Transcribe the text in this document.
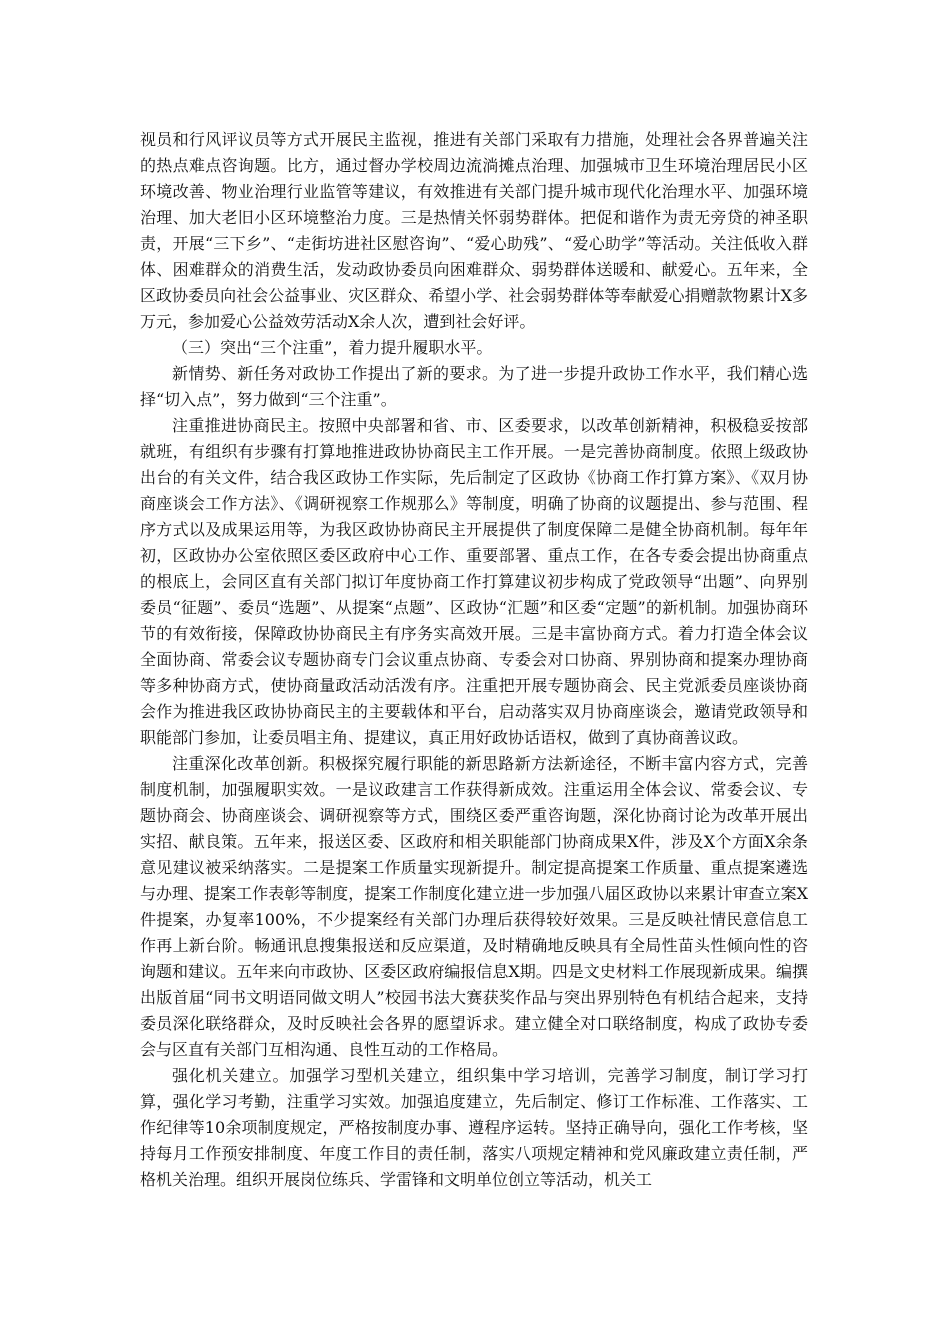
视员和行风评议员等方式开展民主监视，推进有关部门采取有力措施，处理社会各界普遍关注的热点难点咨询题。比方，通过督办学校周边流淌摊点治理、加强城市卫生环境治理居民小区环境改善、物业治理行业监管等建议，有效推进有关部门提升城市现代化治理水平、加强环境治理、加大老旧小区环境整治力度。三是热情关怀弱势群体。把促和谐作为责无旁贷的神圣职责，开展“三下乡”、“走街坊进社区慰咨询”、“爱心助残”、“爱心助学”等活动。关注低收入群体、困难群众的消费生活，发动政协委员向困难群众、弱势群体送暖和、献爱心。五年来，全区政协委员向社会公益事业、灾区群众、希望小学、社会弱势群体等奉献爱心捐赠款物累计X多万元，参加爱心公益效劳活动X余人次，遭到社会好评。

（三）突出“三个注重”，着力提升履职水平。

新情势、新任务对政协工作提出了新的要求。为了进一步提升政协工作水平，我们精心选择“切入点”，努力做到“三个注重”。

注重推进协商民主。按照中央部署和省、市、区委要求，以改革创新精神，积极稳妥按部就班，有组织有步骤有打算地推进政协协商民主工作开展。一是完善协商制度。依照上级政协出台的有关文件，结合我区政协工作实际，先后制定了区政协《协商工作打算方案》、《双月协商座谈会工作方法》、《调研视察工作规那么》等制度，明确了协商的议题提出、参与范围、程序方式以及成果运用等，为我区政协协商民主开展提供了制度保障二是健全协商机制。每年年初，区政协办公室依照区委区政府中心工作、重要部署、重点工作，在各专委会提出协商重点的根底上，会同区直有关部门拟订年度协商工作打算建议初步构成了党政领导“出题”、向界别委员“征题”、委员“选题”、从提案“点题”、区政协“汇题”和区委“定题”的新机制。加强协商环节的有效衔接，保障政协协商民主有序务实高效开展。三是丰富协商方式。着力打造全体会议全面协商、常委会议专题协商专门会议重点协商、专委会对口协商、界别协商和提案办理协商等多种协商方式，使协商量政活动活泼有序。注重把开展专题协商会、民主党派委员座谈协商会作为推进我区政协协商民主的主要载体和平台，启动落实双月协商座谈会，邀请党政领导和职能部门参加，让委员唱主角、提建议，真正用好政协话语权，做到了真协商善议政。

注重深化改革创新。积极探究履行职能的新思路新方法新途径，不断丰富内容方式，完善制度机制，加强履职实效。一是议政建言工作获得新成效。注重运用全体会议、常委会议、专题协商会、协商座谈会、调研视察等方式，围绕区委严重咨询题，深化协商讨论为改革开展出实招、献良策。五年来，报送区委、区政府和相关职能部门协商成果X件，涉及X个方面X余条意见建议被采纳落实。二是提案工作质量实现新提升。制定提高提案工作质量、重点提案遴选与办理、提案工作表彰等制度，提案工作制度化建立进一步加强八届区政协以来累计审查立案X件提案，办复率100%，不少提案经有关部门办理后获得较好效果。三是反映社情民意信息工作再上新台阶。畅通讯息搜集报送和反应渠道，及时精确地反映具有全局性苗头性倾向性的咨询题和建议。五年来向市政协、区委区政府编报信息X期。四是文史材料工作展现新成果。编撰出版首届“同书文明语同做文明人”校园书法大赛获奖作品与突出界别特色有机结合起来，支持委员深化联络群众，及时反映社会各界的愿望诉求。建立健全对口联络制度，构成了政协专委会与区直有关部门互相沟通、良性互动的工作格局。

强化机关建立。加强学习型机关建立，组织集中学习培训，完善学习制度，制订学习打算，强化学习考勤，注重学习实效。加强追度建立，先后制定、修订工作标准、工作落实、工作纪律等10余项制度规定，严格按制度办事、遵程序运转。坚持正确导向，强化工作考核，坚持每月工作预安排制度、年度工作目的责任制，落实八项规定精神和党风廉政建立责任制，严格机关治理。组织开展岗位练兵、学雷锋和文明单位创立等活动，机关工
